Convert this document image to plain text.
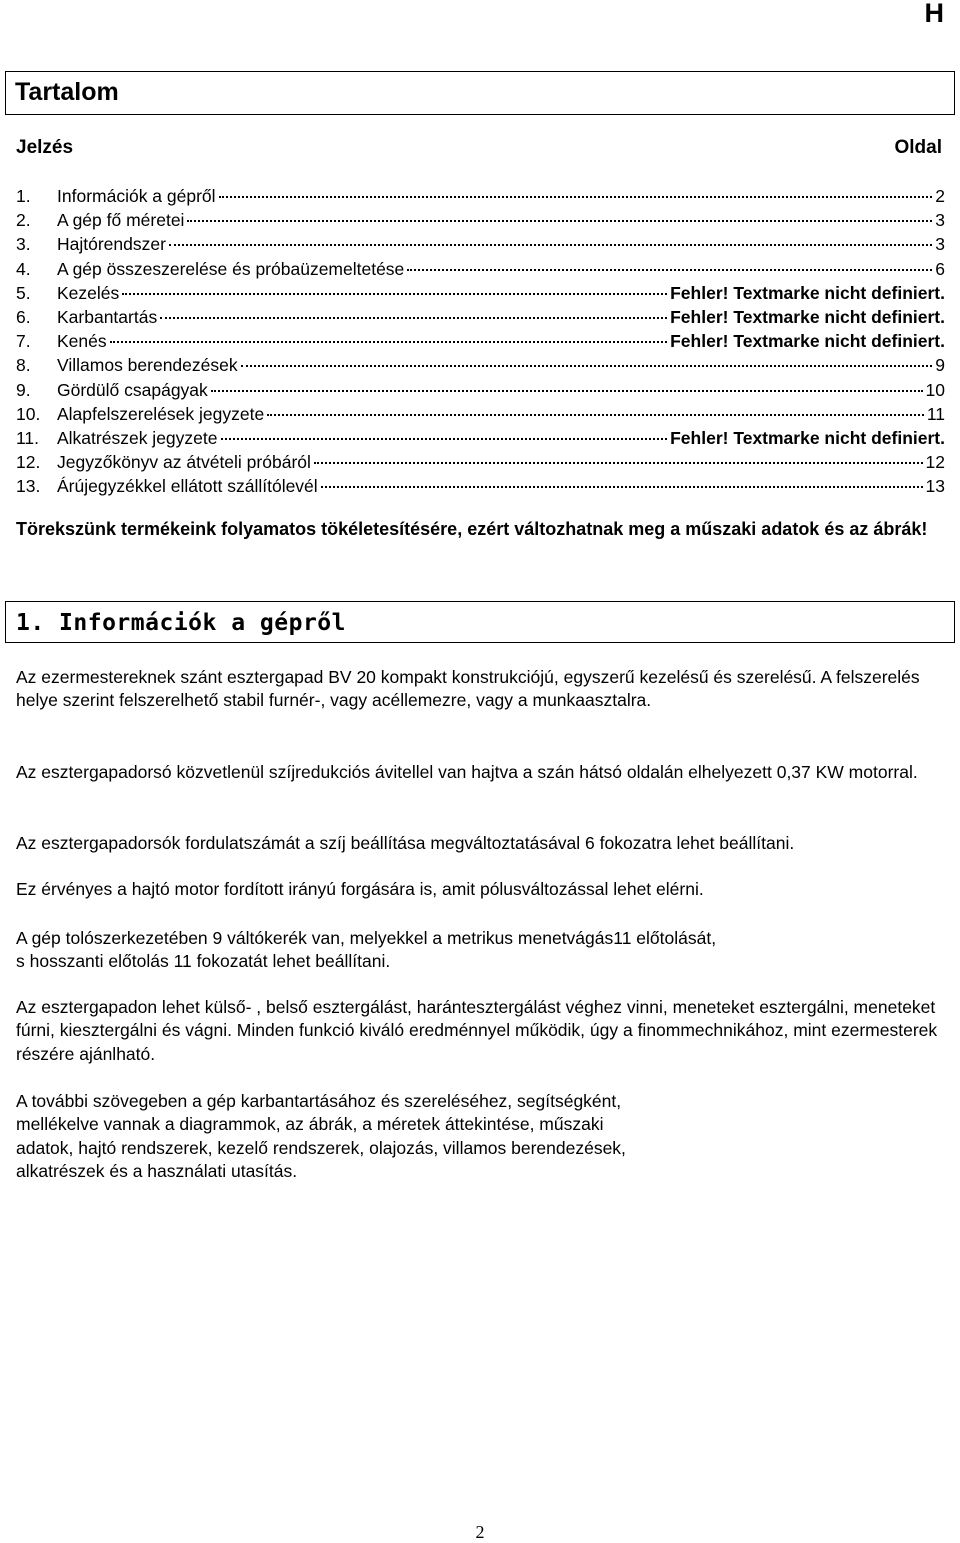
H
Tartalom
Jelzés	Oldal
1.	Információk a gépről	2
2.	A gép fő méretei	3
3.	Hajtórendszer	3
4.	A gép összeszerelése és próbaüzemeltetése	6
5.	Kezelés	Fehler! Textmarke nicht definiert.
6.	Karbantartás	Fehler! Textmarke nicht definiert.
7.	Kenés	Fehler! Textmarke nicht definiert.
8.	Villamos berendezések	9
9.	Gördülő csapágyak	10
10. Alapfelszerelések jegyzete	11
11.	Alkatrészek jegyzete	Fehler! Textmarke nicht definiert.
12. Jegyzőkönyv az átvételi próbáról	12
13. Árújegyzékkel ellátott szállítólevél	13
Törekszünk termékeink folyamatos tökéletesítésére, ezért változhatnak meg a műszaki adatok és az ábrák!
1. Információk a gépről

Az ezermestereknek szánt esztergapad BV 20 kompakt konstrukciójú, egyszerű kezelésű és szerelésű. A felszerelés helye szerint felszerelhető stabil furnér-, vagy acéllemezre, vagy a munkaasztalra.

Az esztergapadorsó közvetlenül szíjredukciós ávitellel van hajtva a szán hátsó oldalán elhelyezett 0,37 KW motorral.

Az esztergapadorsók fordulatszámát a szíj beállítása megváltoztatásával 6 fokozatra lehet beállítani.

Ez érvényes a hajtó motor fordított irányú forgására is, amit pólusváltozással lehet elérni.

A gép tolószerkezetében 9 váltókerék van, melyekkel a metrikus menetvágás11 előtolását,
s hosszanti előtolás 11 fokozatát lehet beállítani.

Az esztergapadon lehet külső- , belső esztergálást, harántesztergálást véghez vinni, meneteket esztergálni, meneteket fúrni, kiesztergálni és vágni. Minden funkció kiváló eredménnyel működik, úgy a finommechnikához, mint ezermesterek részére ajánlható.

A további szövegeben a gép karbantartásához és szereléséhez, segítségként,
mellékelve vannak a diagrammok, az ábrák, a méretek áttekintése, műszaki
adatok, hajtó rendszerek, kezelő rendszerek, olajozás, villamos berendezések,
alkatrészek és a használati utasítás.

2
